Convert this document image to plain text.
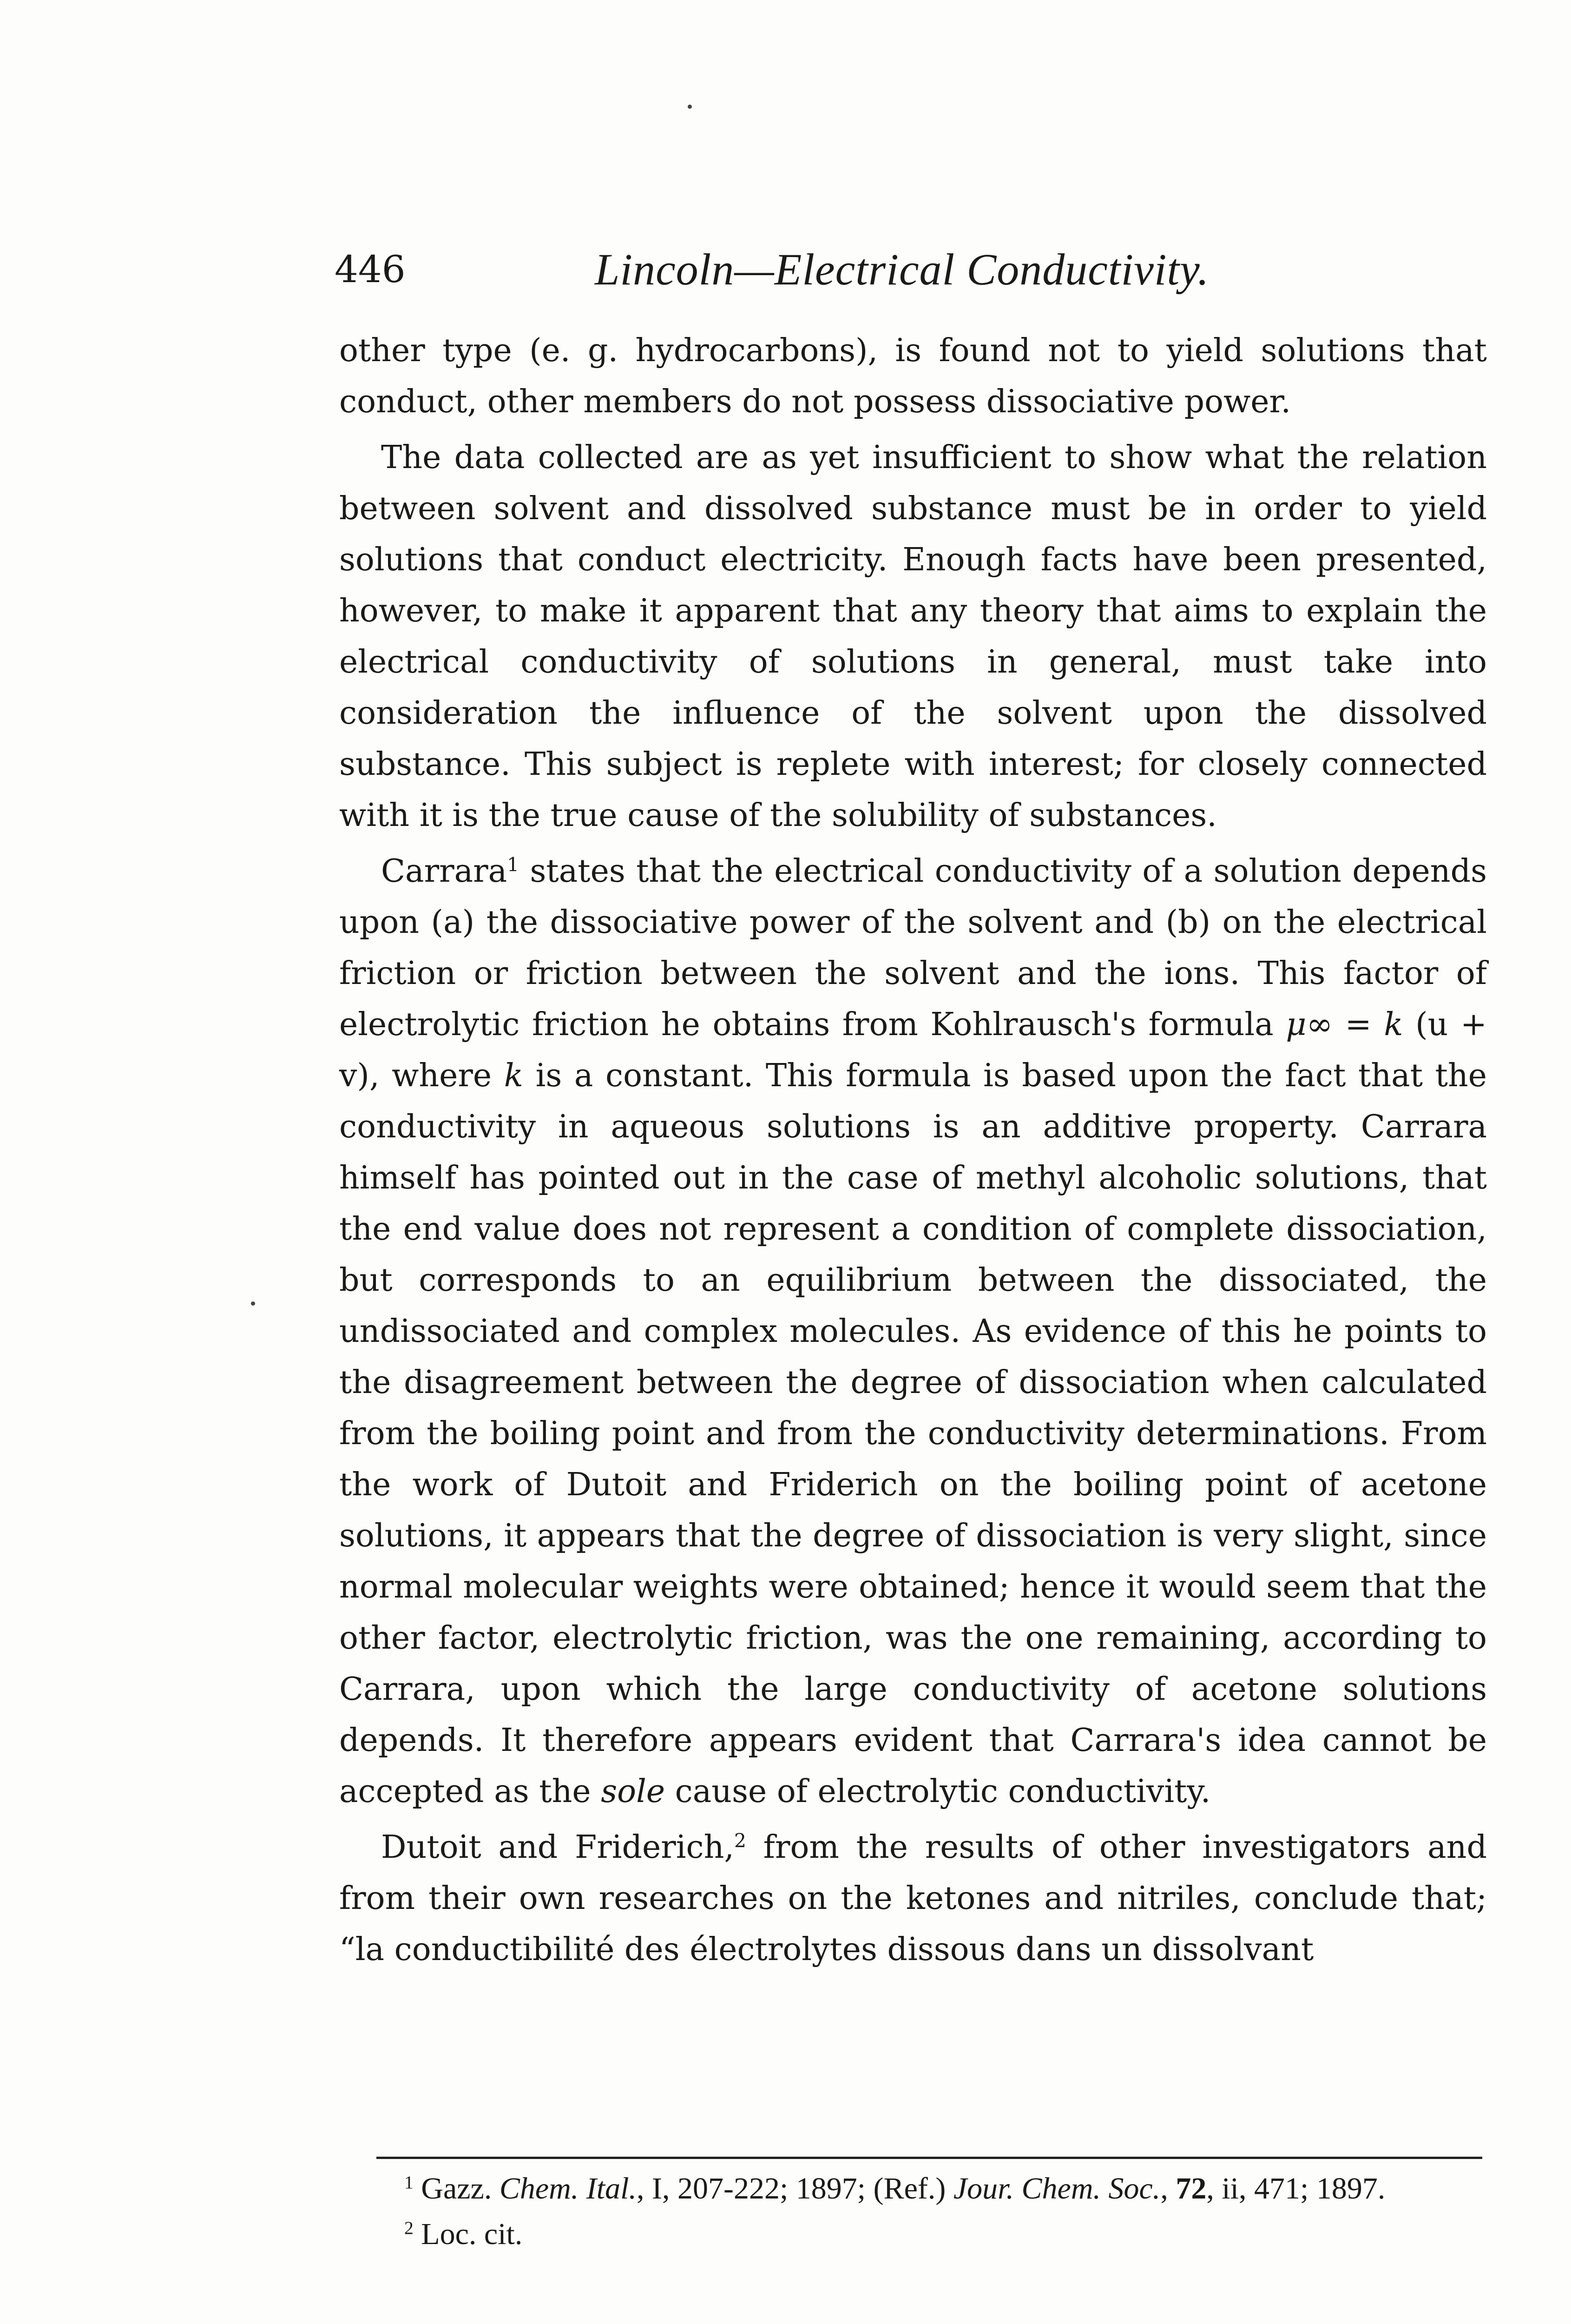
446	Lincoln—Electrical Conductivity.

other type (e. g. hydrocarbons), is found not to yield solutions that conduct, other members do not possess dissociative power.

The data collected are as yet insufficient to show what the relation between solvent and dissolved substance must be in order to yield solutions that conduct electricity. Enough facts have been presented, however, to make it apparent that any theory that aims to explain the electrical conductivity of solutions in general, must take into consideration the influence of the solvent upon the dissolved substance. This subject is replete with interest; for closely connected with it is the true cause of the solubility of substances.

Carrara$^1$ states that the electrical conductivity of a solution depends upon (a) the dissociative power of the solvent and (b) on the electrical friction or friction between the solvent and the ions. This factor of electrolytic friction he obtains from Kohlrausch's formula μ∞ = k (u + v), where k is a constant. This formula is based upon the fact that the conductivity in aqueous solutions is an additive property. Carrara himself has pointed out in the case of methyl alcoholic solutions, that the end value does not represent a condition of complete dissociation, but corresponds to an equilibrium between the dissociated, the undissociated and complex molecules. As evidence of this he points to the disagreement between the degree of dissociation when calculated from the boiling point and from the conductivity determinations. From the work of Dutoit and Friderich on the boiling point of acetone solutions, it appears that the degree of dissociation is very slight, since normal molecular weights were obtained; hence it would seem that the other factor, electrolytic friction, was the one remaining, according to Carrara, upon which the large conductivity of acetone solutions depends. It therefore appears evident that Carrara's idea cannot be accepted as the sole cause of electrolytic conductivity.

Dutoit and Friderich,$^2$ from the results of other investigators and from their own researches on the ketones and nitriles, conclude that; “la conductibilité des électrolytes dissous dans un dissolvant

$^1$ Gazz. Chem. Ital., I, 207-222; 1897; (Ref.) Jour. Chem. Soc., 72, ii, 471; 1897.

$^2$ Loc. cit.
